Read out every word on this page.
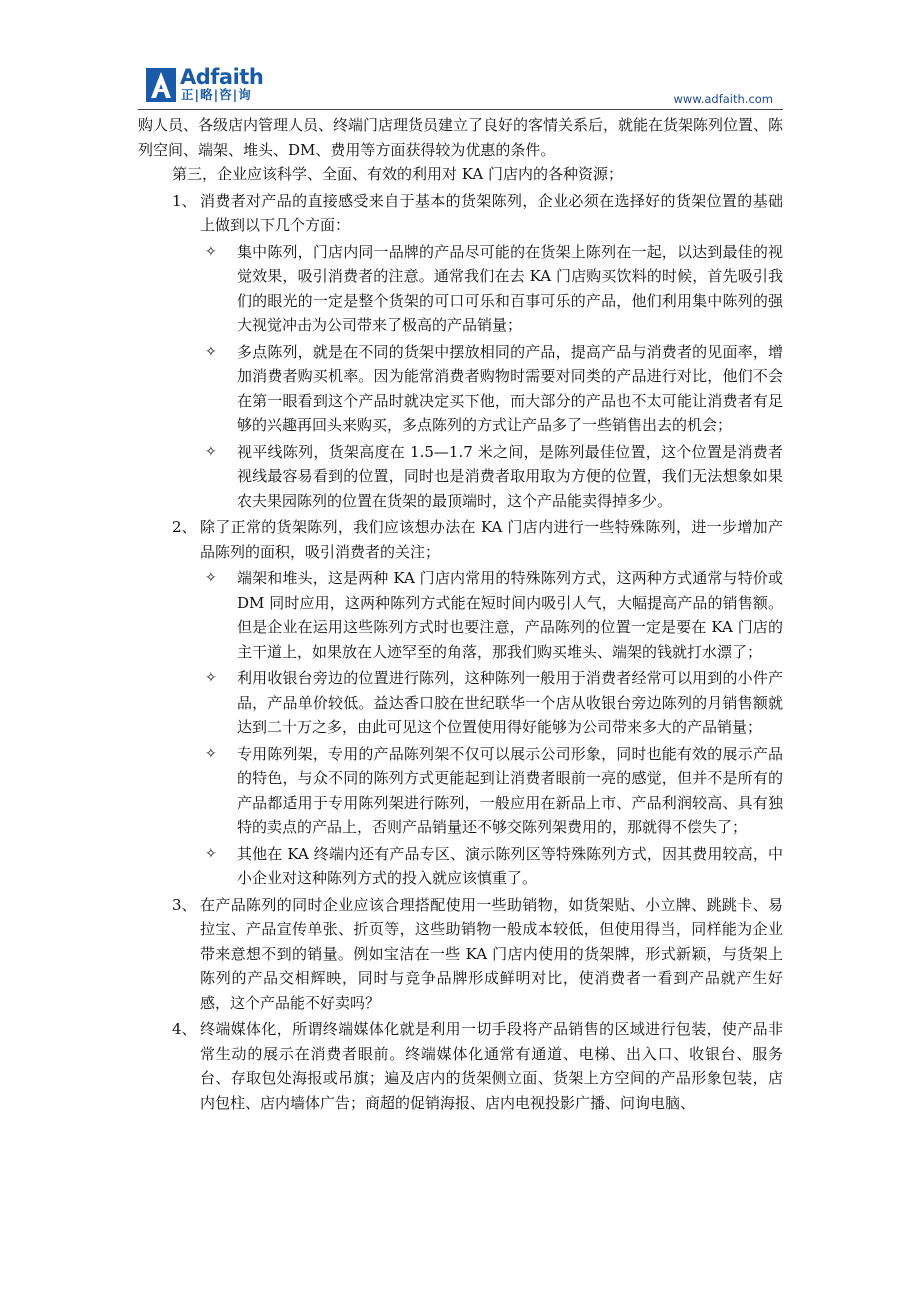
Adfaith
正|略|咨|询	www.adfaith.com

购人员、各级店内管理人员、终端门店理货员建立了良好的客情关系后，就能在货架陈列位置、陈列空间、端架、堆头、DM、费用等方面获得较为优惠的条件。

第三，企业应该科学、全面、有效的利用对 KA 门店内的各种资源；

1、 消费者对产品的直接感受来自于基本的货架陈列，企业必须在选择好的货架位置的基础上做到以下几个方面：

✧ 集中陈列，门店内同一品牌的产品尽可能的在货架上陈列在一起，以达到最佳的视觉效果，吸引消费者的注意。通常我们在去 KA 门店购买饮料的时候，首先吸引我们的眼光的一定是整个货架的可口可乐和百事可乐的产品，他们利用集中陈列的强大视觉冲击为公司带来了极高的产品销量；

✧ 多点陈列，就是在不同的货架中摆放相同的产品，提高产品与消费者的见面率，增加消费者购买机率。因为能常消费者购物时需要对同类的产品进行对比，他们不会在第一眼看到这个产品时就决定买下他，而大部分的产品也不太可能让消费者有足够的兴趣再回头来购买，多点陈列的方式让产品多了一些销售出去的机会；

✧ 视平线陈列，货架高度在 1.5—1.7 米之间，是陈列最佳位置，这个位置是消费者视线最容易看到的位置，同时也是消费者取用取为方便的位置，我们无法想象如果农夫果园陈列的位置在货架的最顶端时，这个产品能卖得掉多少。

2、 除了正常的货架陈列，我们应该想办法在 KA 门店内进行一些特殊陈列，进一步增加产品陈列的面积，吸引消费者的关注；

✧ 端架和堆头，这是两种 KA 门店内常用的特殊陈列方式，这两种方式通常与特价或 DM 同时应用，这两种陈列方式能在短时间内吸引人气，大幅提高产品的销售额。但是企业在运用这些陈列方式时也要注意，产品陈列的位置一定是要在 KA 门店的主干道上，如果放在人迹罕至的角落，那我们购买堆头、端架的钱就打水漂了；

✧ 利用收银台旁边的位置进行陈列，这种陈列一般用于消费者经常可以用到的小件产品，产品单价较低。益达香口胶在世纪联华一个店从收银台旁边陈列的月销售额就达到二十万之多，由此可见这个位置使用得好能够为公司带来多大的产品销量；

✧ 专用陈列架，专用的产品陈列架不仅可以展示公司形象，同时也能有效的展示产品的特色，与众不同的陈列方式更能起到让消费者眼前一亮的感觉，但并不是所有的产品都适用于专用陈列架进行陈列，一般应用在新品上市、产品利润较高、具有独特的卖点的产品上，否则产品销量还不够交陈列架费用的，那就得不偿失了；

✧ 其他在 KA 终端内还有产品专区、演示陈列区等特殊陈列方式，因其费用较高，中小企业对这种陈列方式的投入就应该慎重了。

3、 在产品陈列的同时企业应该合理搭配使用一些助销物，如货架贴、小立牌、跳跳卡、易拉宝、产品宣传单张、折页等，这些助销物一般成本较低，但使用得当，同样能为企业带来意想不到的销量。例如宝洁在一些 KA 门店内使用的货架牌，形式新颖，与货架上陈列的产品交相辉映，同时与竞争品牌形成鲜明对比，使消费者一看到产品就产生好感，这个产品能不好卖吗？

4、 终端媒体化，所谓终端媒体化就是利用一切手段将产品销售的区域进行包装，使产品非常生动的展示在消费者眼前。终端媒体化通常有通道、电梯、出入口、收银台、服务台、存取包处海报或吊旗；遍及店内的货架侧立面、货架上方空间的产品形象包装，店内包柱、店内墙体广告；商超的促销海报、店内电视投影广播、问询电脑、
